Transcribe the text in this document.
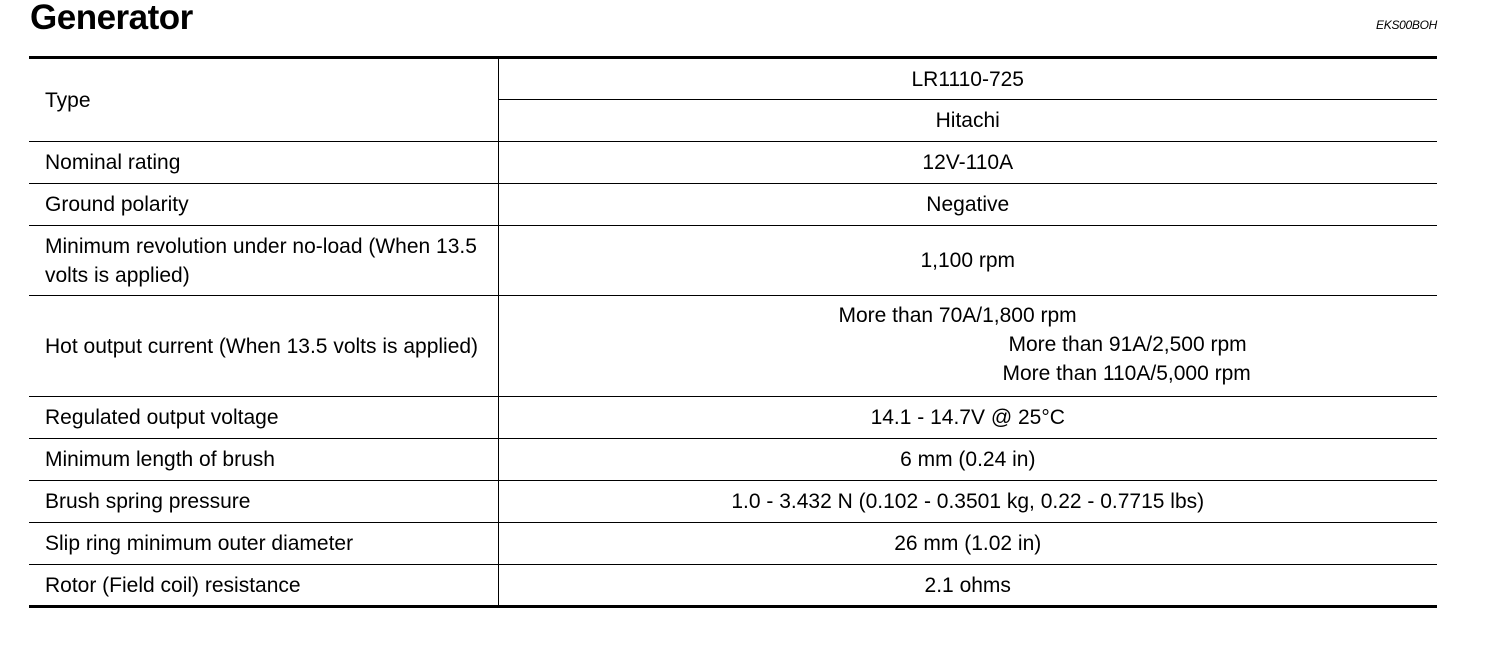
Generator	EKS00BOH
Type	LR1110-725
	Hitachi
Nominal rating	12V-110A
Ground polarity	Negative
Minimum revolution under no-load (When 13.5 volts is applied)	1,100 rpm
Hot output current (When 13.5 volts is applied)	More than 70A/1,800 rpm
More than 91A/2,500 rpm
More than 110A/5,000 rpm

Regulated output voltage	14.1 - 14.7V @ 25°C
Minimum length of brush	6 mm (0.24 in)
Brush spring pressure	1.0 - 3.432 N (0.102 - 0.3501 kg, 0.22 - 0.7715 lbs)
Slip ring minimum outer diameter	26 mm (1.02 in)
Rotor (Field coil) resistance	2.1 ohms
